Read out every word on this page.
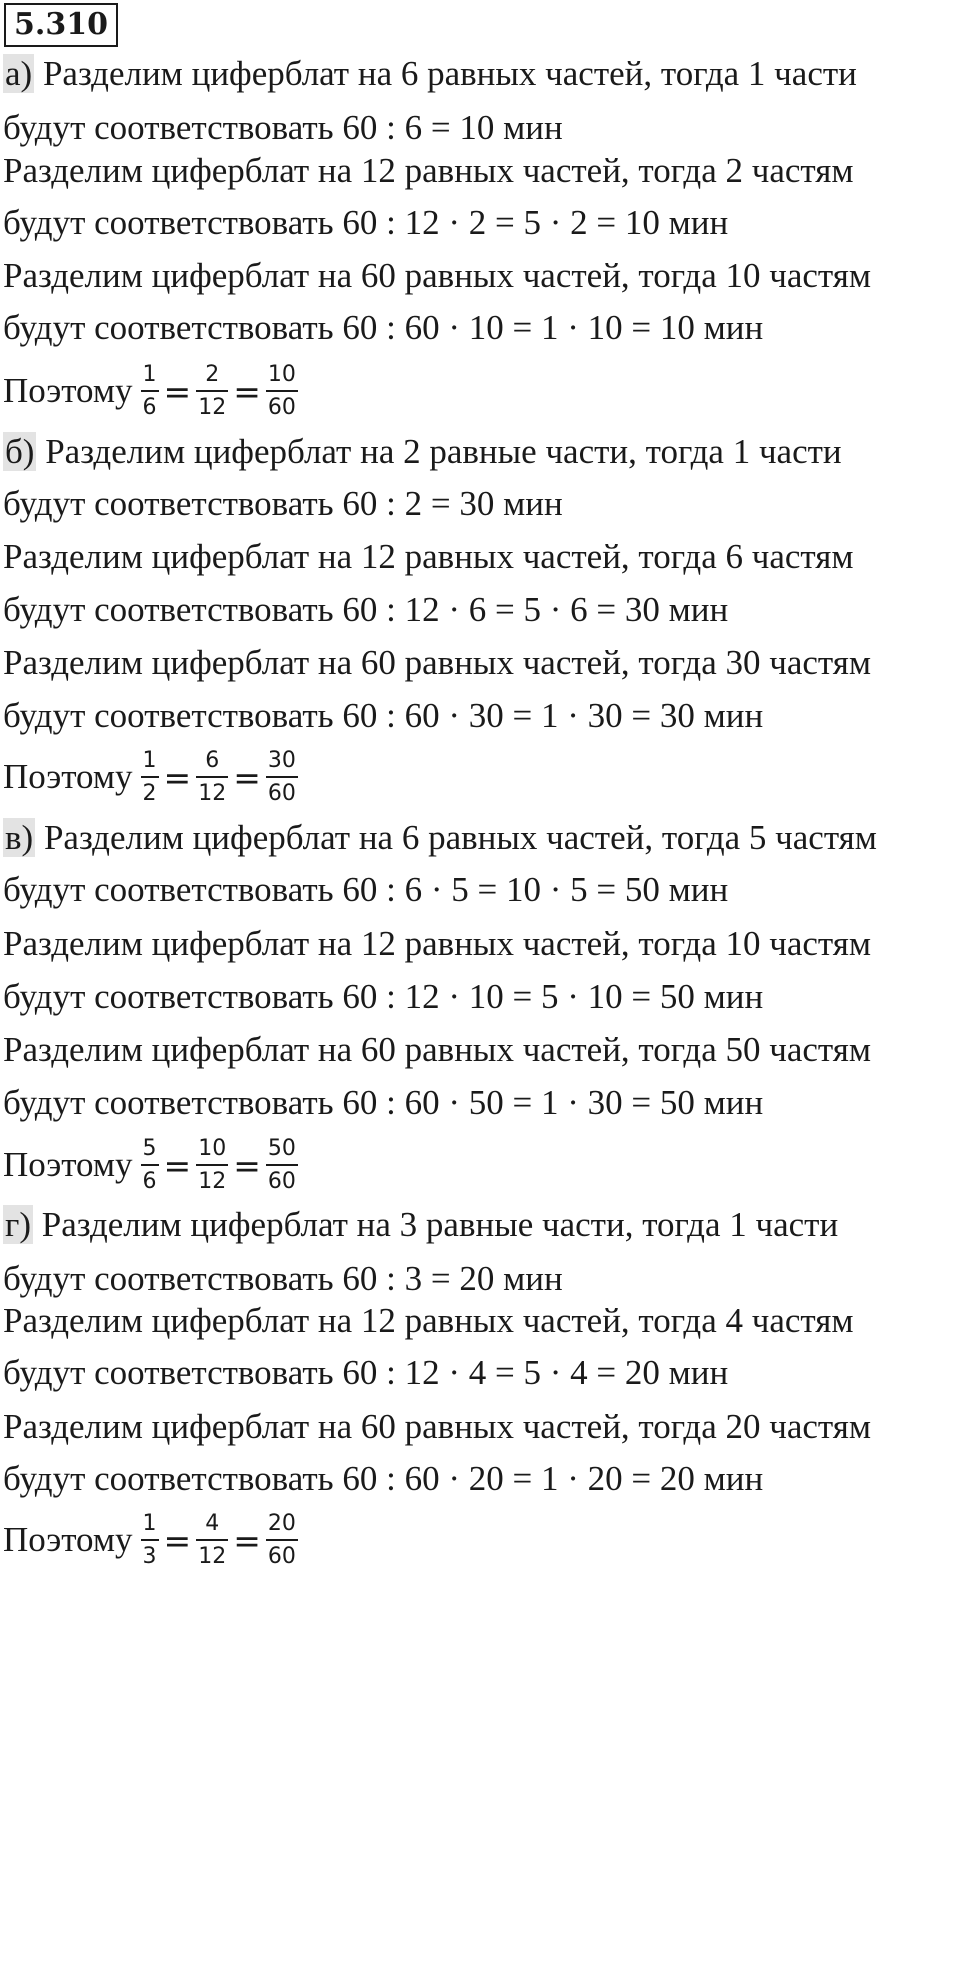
5.310
а) Разделим циферблат на 6 равных частей, тогда 1 части
будут соответствовать 60 : 6 = 10 мин
Разделим циферблат на 12 равных частей, тогда 2 частям
будут соответствовать 60 : 12 · 2 = 5 · 2 = 10 мин
Разделим циферблат на 60 равных частей, тогда 10 частям
будут соответствовать 60 : 60 · 10 = 1 · 10 = 10 мин
Поэтому $\frac{1}{6} = \frac{2}{12} = \frac{10}{60}$
б) Разделим циферблат на 2 равные части, тогда 1 части
будут соответствовать 60 : 2 = 30 мин
Разделим циферблат на 12 равных частей, тогда 6 частям
будут соответствовать 60 : 12 · 6 = 5 · 6 = 30 мин
Разделим циферблат на 60 равных частей, тогда 30 частям
будут соответствовать 60 : 60 · 30 = 1 · 30 = 30 мин
Поэтому $\frac{1}{2} = \frac{6}{12} = \frac{30}{60}$
в) Разделим циферблат на 6 равных частей, тогда 5 частям
будут соответствовать 60 : 6 · 5 = 10 · 5 = 50 мин
Разделим циферблат на 12 равных частей, тогда 10 частям
будут соответствовать 60 : 12 · 10 = 5 · 10 = 50 мин
Разделим циферблат на 60 равных частей, тогда 50 частям
будут соответствовать 60 : 60 · 50 = 1 · 30 = 50 мин
Поэтому $\frac{5}{6} = \frac{10}{12} = \frac{50}{60}$
г) Разделим циферблат на 3 равные части, тогда 1 части
будут соответствовать 60 : 3 = 20 мин
Разделим циферблат на 12 равных частей, тогда 4 частям
будут соответствовать 60 : 12 · 4 = 5 · 4 = 20 мин
Разделим циферблат на 60 равных частей, тогда 20 частям
будут соответствовать 60 : 60 · 20 = 1 · 20 = 20 мин
Поэтому $\frac{1}{3} = \frac{4}{12} = \frac{20}{60}$
